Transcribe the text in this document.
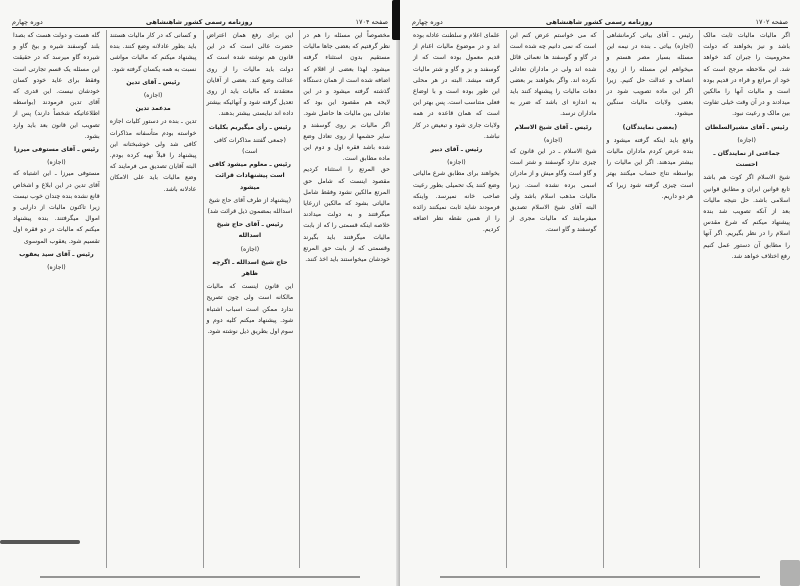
صفحه ۱۷۰۴
روزنامه رسمی کشور شاهنشاهی
دوره چهارم

مخصوصاً این مسئله را هم در نظر گرفتیم که بعضی جاها مالیات مستقیم بدون استثناء گرفته میشود. لهذا بعضی از اقلام که اضافه شده است از همان دستگاه گذشته گرفته میشود و در این لایحه هم مقصود این بود که تعادلی بین مالیات ها حاصل شود. اگر مالیات بر روی گوسفند و سایر حشمها از روی تعادل وضع شده باشد فقره اول و دوم این ماده مطابق است.

حق المرتع را استثناء کردیم مقصود اینست که شامل حق المرتع مالکین نشود وفقط شامل مالیاتی بشود که مالکین ازرعایا میگرفتند و به دولت میدادند خلاصه اینکه قسمتی را که از بابت مالیات میگرفتند باید بگیرند وقسمتی که از بابت حق المرتع خودشان میخواستند باید اخذ کنند.

این برای رفع همان اعتراض حضرت عالی است که در این قانون هم نوشته شده است که دولت باید مالیات را از روی عدالت وضع کند. بعضی از آقایان معتقدند که مالیات باید از روی تعدیل گرفته شود و آنهائیکه بیشتر داده اند نبایستی بیشتر بدهند.

رئیس ـ رأی میگیریم بکلیات
(جمعی گفتند مذاکرات کافی است)
رئیس ـ معلوم میشود کافی است پیشنهادات قرائت میشود
(پیشنهاد از طرف آقای حاج شیخ اسدالله بمضمون ذیل قرائت شد)
رئیس ـ آقای حاج شیخ اسدالله
(اجازه)
حاج شیخ اسدالله ـ اگرچه ظاهر

این قانون اینست که مالیات مالکانه است ولی چون تصریح ندارد ممکن است اسباب اشتباه شود. پیشنهاد میکنم کلیه دوم و سوم اول بطریق ذیل نوشته شود.

و کسانی که در کار مالیات هستند باید بطور عادلانه وضع کنند. بنده پیشنهاد میکنم که مالیات مواشی نسبت به همه یکسان گرفته شود.

رئیس ـ آقای تدین
(اجازه)
مدعمد تدین

تدین ـ بنده در دستور کلیات اجازه خواسته بودم متأسفانه مذاکرات کافی شد ولی خوشبختانه این پیشنهاد را قبلاً تهیه کرده بودم. البته آقایان تصدیق می فرمایند که وضع مالیات باید علی الامکان عادلانه باشد.

گله هست و دولت هست که بصدا بلند گوسفند شیره و بیخ گاو و شیرده گاو میرسد که در حقیقت این مسئله یک قسم تجارتی است وفقط برای عاید خودو کسان خودشان نیست. این قدری که آقای تدین فرمودند (بواسطه اطلاعاتیکه شخصاً دارند) پس از تصویب این قانون بعد باید وارد بشود.

رئیس ـ آقای مستوفی میرزا
(اجازه)

مستوفی میرزا ـ این اشتباه که آقای تدین در این ابلاغ و اشخاص قانع نشده بنده چندان خوب نیست زیرا تاکنون مالیات از دارایی و اموال میگرفتند. بنده پیشنهاد میکنم که مالیات در دو فقره اول تقسیم شود. یعقوب الموسوی

رئیس ـ آقای سید یعقوب
(اجازه)
صفحه ۱۷۰۲
روزنامه رسمی کشور شاهنشاهی
دوره چهارم

اگر مالیات مالیات ثابت مالک باشد و نیز بخواهند که دولت محرومیت را جبران کند خواهد شد. این ملاحظه مرجح است که خود از مراتع و قراء در قدیم بوده است و مالیات آنها را مالکین میدادند و در آن وقت خیلی تفاوت بین مالک و رعیت نبود.

رئیس ـ آقای مشیرالسلطان
(اجازه)
جماعتی از نمایندگان ـ احسنت

شیخ الاسلام اگر کوت هم باشد تابع قوانین ایران و مطابق قوانین اسلامی باشد. حل نتیجه مالیات بعد از آنکه تصویب شد بنده پیشنهاد میکنم که شرع مقدس اسلام را در نظر بگیریم. اگر آنها را مطابق آن دستور عمل کنیم رفع اختلاف خواهد شد.

رئیس ـ آقای بیاتی کرمانشاهی (اجازه) بیاتی ـ بنده در نیمه این مسئله بسیار مصر هستم و میخواهم این مسئله را از روی انصاف و عدالت حل کنیم. زیرا اگر این ماده تصویب شود در بعضی ولایات مالیات سنگین میشود.

(بعضی نمایندگان)

واقع باید اینکه گرفته میشود و بنده عرض کردم ماداران مالیات بیشتر میدهند. اگر این مالیات را بواسطه نتاج حساب میکنند بهتر است چیزی گرفته شود زیرا که هر دو داریم.

که می خواستم عرض کنم این است که نمی دانیم چه شده است در گاو و گوسفند ها نعمائی قائل شده اند ولی در ماداران تعادلی نکرده اند. واگر بخواهند بر بعضی دهات مالیات را پیشنهاد کنند باید به اندازه ای باشد که ضرر به ماداران نرسد.

رئیس ـ آقای شیخ الاسلام
(اجازه)

شیخ الاسلام ـ در این قانون که چیزی ندارد گوسفند و شتر است و گاو است وگاو میش و از مادران اسمی برده نشده است. زیرا مالیات مذهب اسلام باشد ولی البته آقای شیخ الاسلام تصدیق میفرمایند که مالیات مجری از گوسفند و گاو است.

علمای اعلام و سلطنت عادله بوده اند و در موضوع مالیات اغنام از قدیم معمول بوده است که از گوسفند و بز و گاو و شتر مالیات گرفته میشد. البته در هر محلی این طور بوده است و با اوضاع فعلی متناسب است. پس بهتر این است که همان قاعده در همه ولایات جاری شود و تبعیض در کار نباشد.

رئیس ـ آقای دبیر
(اجازه)

بخواهند برای مطابق شرع مالیاتی وضع کنند یک تحمیلی بطور رعیت صاحب خانه نمیرسد. واینکه فرمودند شاید ثابت نمیکنند زائده را از همین نقطه نظر اضافه کردیم.
